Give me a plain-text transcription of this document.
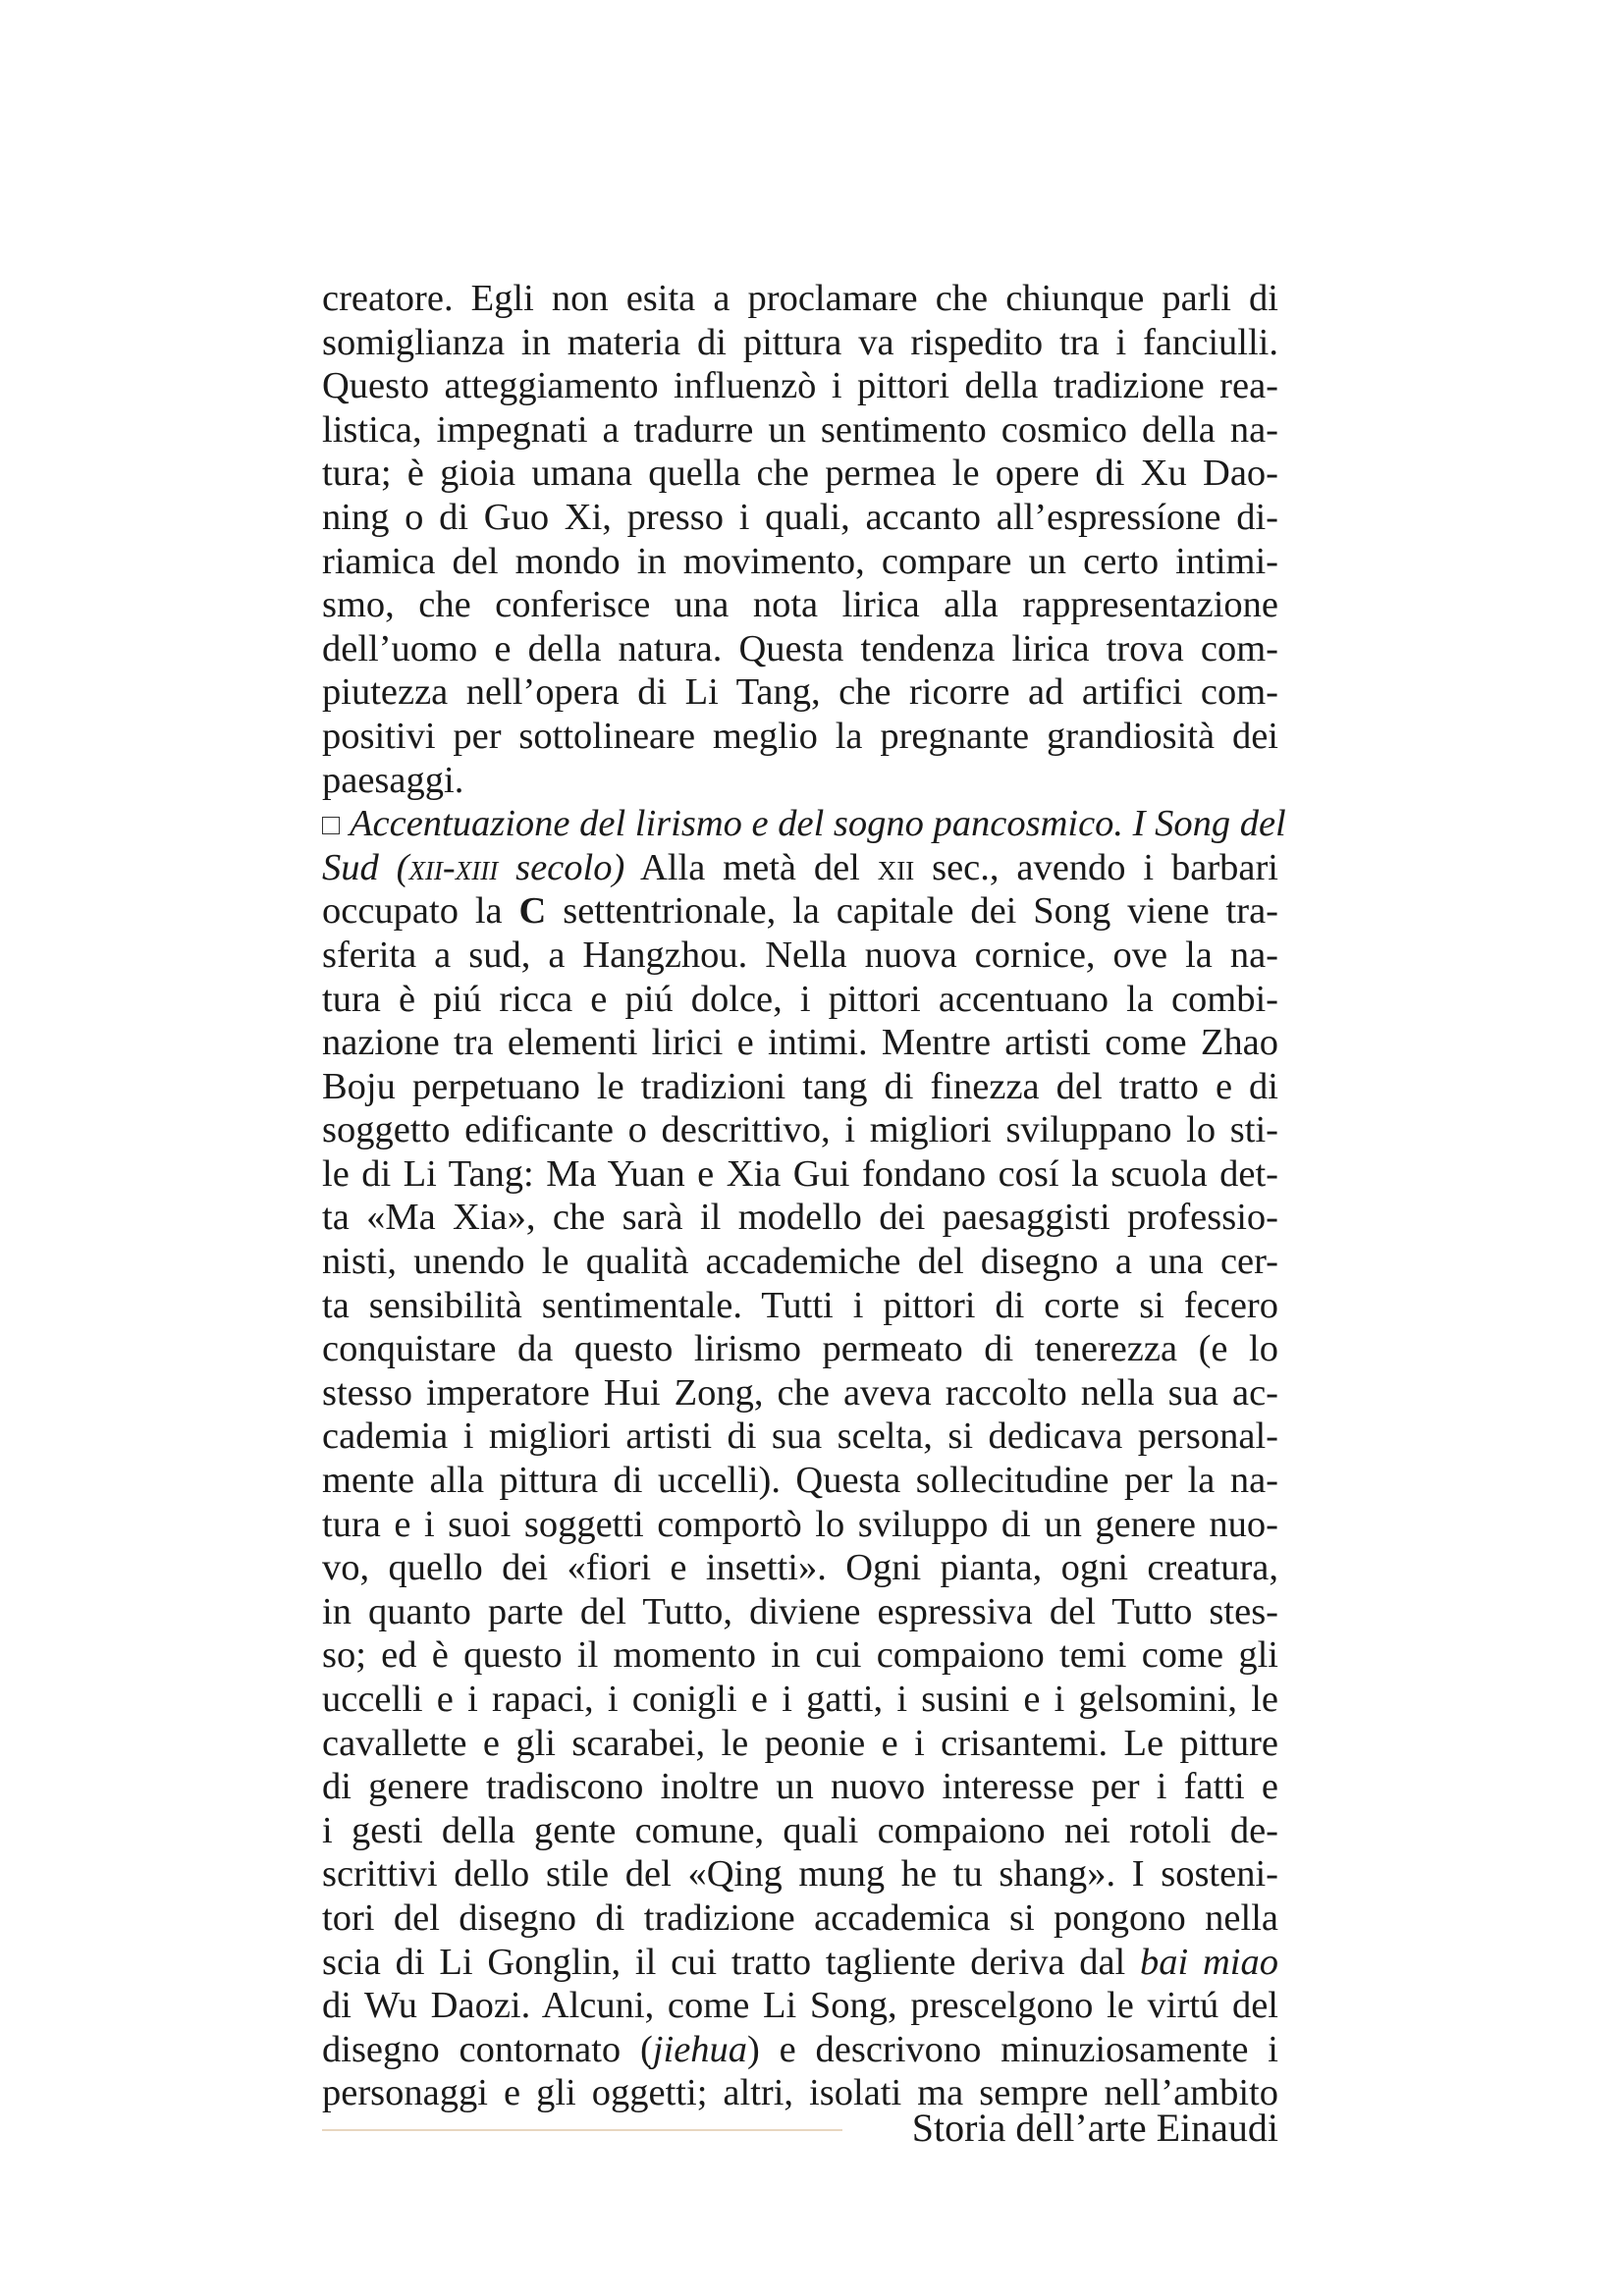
creatore. Egli non esita a proclamare che chiunque parli di
somiglianza in materia di pittura va rispedito tra i fanciulli.
Questo atteggiamento influenzò i pittori della tradizione rea-
listica, impegnati a tradurre un sentimento cosmico della na-
tura; è gioia umana quella che permea le opere di Xu Dao-
ning o di Guo Xi, presso i quali, accanto all’espressíone di-
riamica del mondo in movimento, compare un certo intimi-
smo, che conferisce una nota lirica alla rappresentazione
dell’uomo e della natura. Questa tendenza lirica trova com-
piutezza nell’opera di Li Tang, che ricorre ad artifici com-
positivi per sottolineare meglio la pregnante grandiosità dei
paesaggi.
Accentuazione del lirismo e del sogno pancosmico. I Song del
Sud (xii-xiii secolo) Alla metà del xii sec., avendo i barbari
occupato la C settentrionale, la capitale dei Song viene tra-
sferita a sud, a Hangzhou. Nella nuova cornice, ove la na-
tura è piú ricca e piú dolce, i pittori accentuano la combi-
nazione tra elementi lirici e intimi. Mentre artisti come Zhao
Boju perpetuano le tradizioni tang di finezza del tratto e di
soggetto edificante o descrittivo, i migliori sviluppano lo sti-
le di Li Tang: Ma Yuan e Xia Gui fondano cosí la scuola det-
ta «Ma Xia», che sarà il modello dei paesaggisti professio-
nisti, unendo le qualità accademiche del disegno a una cer-
ta sensibilità sentimentale. Tutti i pittori di corte si fecero
conquistare da questo lirismo permeato di tenerezza (e lo
stesso imperatore Hui Zong, che aveva raccolto nella sua ac-
cademia i migliori artisti di sua scelta, si dedicava personal-
mente alla pittura di uccelli). Questa sollecitudine per la na-
tura e i suoi soggetti comportò lo sviluppo di un genere nuo-
vo, quello dei «fiori e insetti». Ogni pianta, ogni creatura,
in quanto parte del Tutto, diviene espressiva del Tutto stes-
so; ed è questo il momento in cui compaiono temi come gli
uccelli e i rapaci, i conigli e i gatti, i susini e i gelsomini, le
cavallette e gli scarabei, le peonie e i crisantemi. Le pitture
di genere tradiscono inoltre un nuovo interesse per i fatti e
i gesti della gente comune, quali compaiono nei rotoli de-
scrittivi dello stile del «Qing mung he tu shang». I sosteni-
tori del disegno di tradizione accademica si pongono nella
scia di Li Gonglin, il cui tratto tagliente deriva dal bai miao
di Wu Daozi. Alcuni, come Li Song, prescelgono le virtú del
disegno contornato (jiehua) e descrivono minuziosamente i
personaggi e gli oggetti; altri, isolati ma sempre nell’ambito
Storia dell’arte Einaudi
